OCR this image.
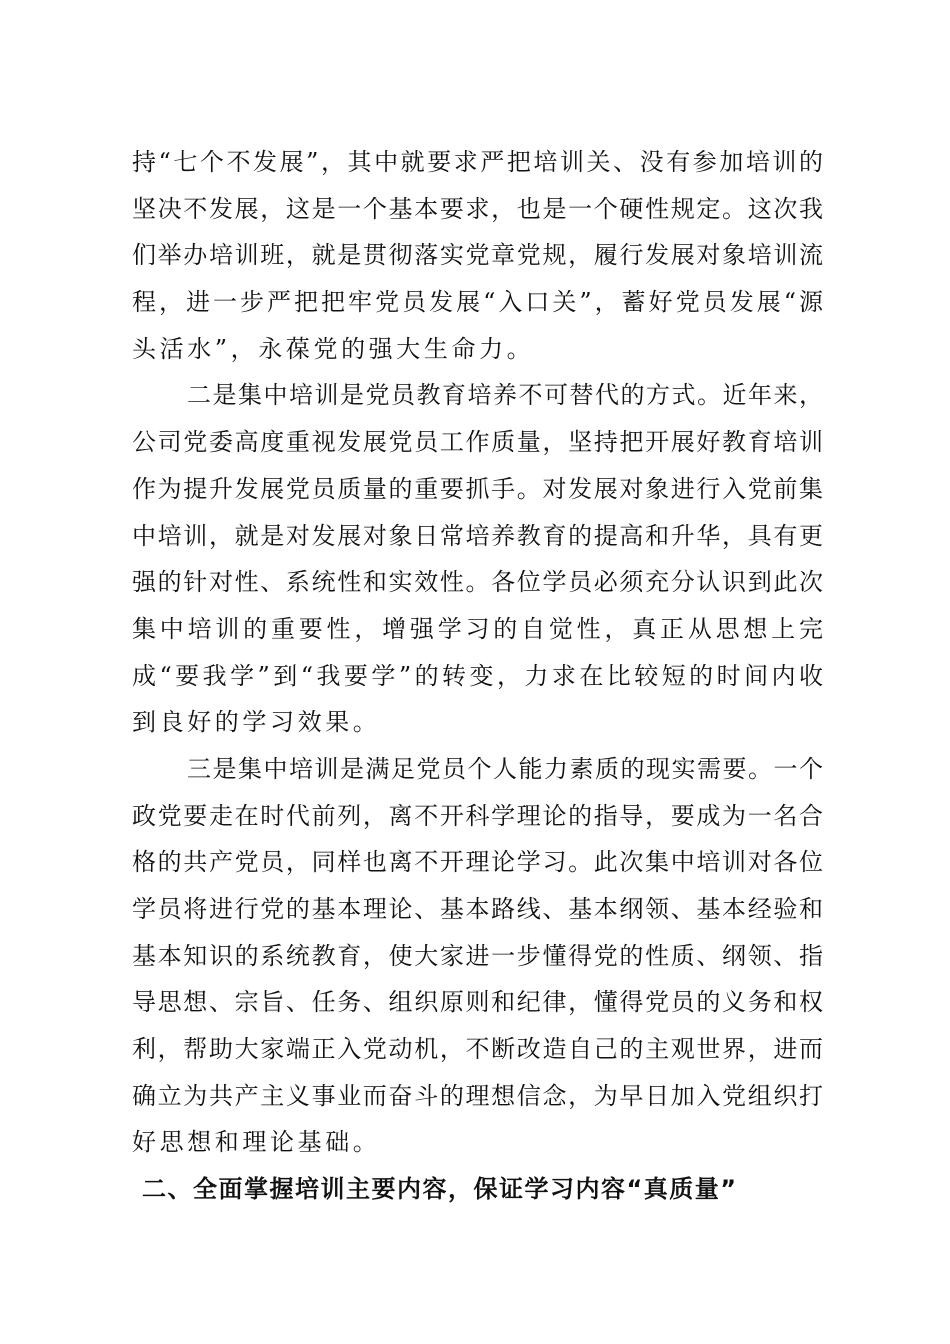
持“七个不发展”，其中就要求严把培训关、没有参加培训的
坚决不发展，这是一个基本要求，也是一个硬性规定。这次我
们举办培训班，就是贯彻落实党章党规，履行发展对象培训流
程，进一步严把把牢党员发展“入口关”，蓄好党员发展“源
头活水”，永葆党的强大生命力。
二是集中培训是党员教育培养不可替代的方式。近年来，
公司党委高度重视发展党员工作质量，坚持把开展好教育培训
作为提升发展党员质量的重要抓手。对发展对象进行入党前集
中培训，就是对发展对象日常培养教育的提高和升华，具有更
强的针对性、系统性和实效性。各位学员必须充分认识到此次
集中培训的重要性，增强学习的自觉性，真正从思想上完
成“要我学”到“我要学”的转变，力求在比较短的时间内收
到良好的学习效果。
三是集中培训是满足党员个人能力素质的现实需要。一个
政党要走在时代前列，离不开科学理论的指导，要成为一名合
格的共产党员，同样也离不开理论学习。此次集中培训对各位
学员将进行党的基本理论、基本路线、基本纲领、基本经验和
基本知识的系统教育，使大家进一步懂得党的性质、纲领、指
导思想、宗旨、任务、组织原则和纪律，懂得党员的义务和权
利，帮助大家端正入党动机，不断改造自己的主观世界，进而
确立为共产主义事业而奋斗的理想信念，为早日加入党组织打
好思想和理论基础。
二、全面掌握培训主要内容，保证学习内容“真质量”
